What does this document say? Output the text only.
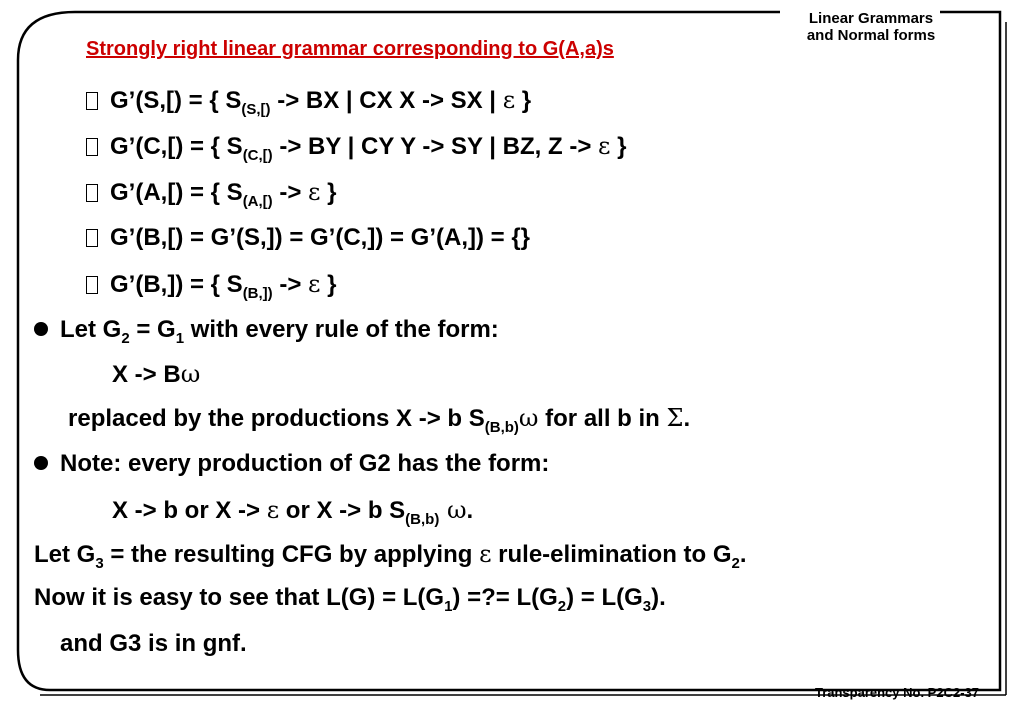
Linear Grammars
and Normal forms
Strongly right linear grammar corresponding to G(A,a)s
G’(S,[) = { $S_{(S,[)}$ -> BX | CX X -> SX | ε }
G’(C,[) = { $S_{(C,[)}$ -> BY | CY Y -> SY | BZ, Z -> ε }
G’(A,[) = { $S_{(A,[)} -> \varepsilon$ }
G’(B,[) = G’(S,]) = G’(C,]) = G’(A,]) = {}
G’(B,]) = { $S_{(B,])} -> \varepsilon$ }
Let $G_2 = G_1$ with every rule of the form:
X -> Bω
replaced by the productions X -> b $S_{(B,b)}\omega$ for all b in Σ.
Note: every production of G2 has the form:
X -> b or X -> ε or X -> b $S_{(B,b)}$ ω.
Let $G_3$ = the resulting CFG by applying ε rule-elimination to $G_2$.
Now it is easy to see that $L(G) = L(G_1)$ =?= $L(G_2) = L(G_3)$.
and G3 is in gnf.
Transparency No. P2C2-37
